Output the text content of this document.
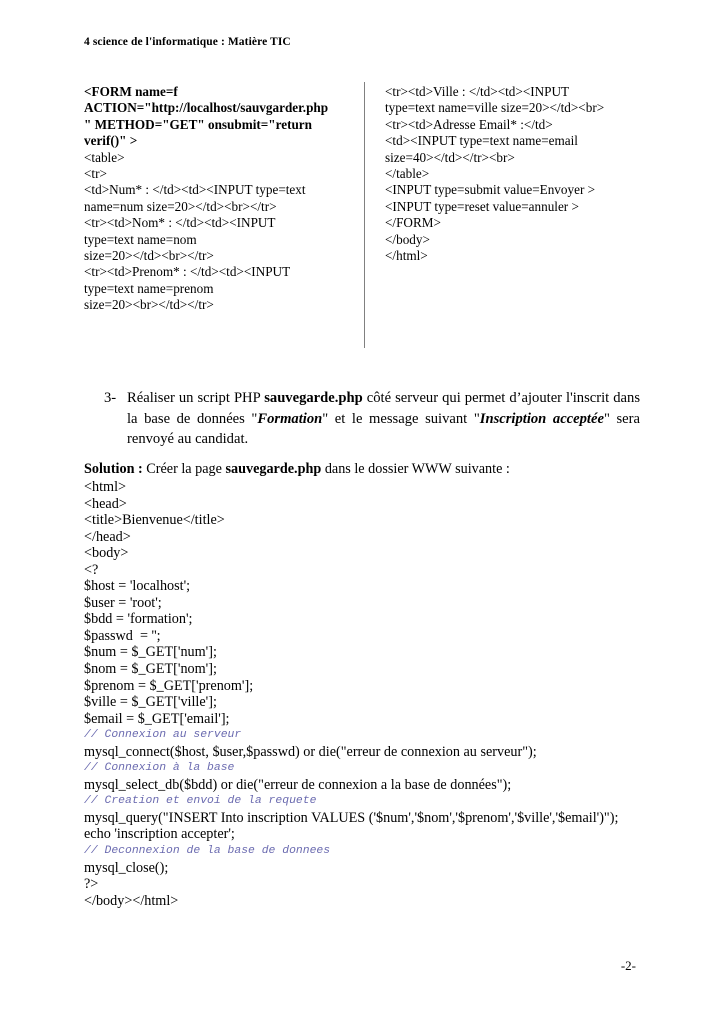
4 science de l'informatique : Matière TIC
<FORM name=f
ACTION="http://localhost/sauvgarder.php
" METHOD="GET" onsubmit="return
verif()" >
<table>
<tr>
<td>Num* : </td><td><INPUT type=text
name=num size=20></td><br></tr>
<tr><td>Nom* : </td><td><INPUT
type=text name=nom
size=20></td><br></tr>
<tr><td>Prenom* : </td><td><INPUT
type=text name=prenom
size=20><br></td></tr>
<tr><td>Ville : </td><td><INPUT
type=text name=ville size=20></td><br>
<tr><td>Adresse Email* :</td>
<td><INPUT type=text name=email
size=40></td></tr><br>
</table>
<INPUT type=submit value=Envoyer >
<INPUT type=reset value=annuler >
</FORM>
</body>
</html>
3- Réaliser un script PHP sauvegarde.php côté serveur qui permet d’ajouter l'inscrit dans la base de données "Formation" et le message suivant "Inscription acceptée" sera renvoyé au candidat.
Solution : Créer la page sauvegarde.php dans le dossier WWW suivante :
<html>
<head>
<title>Bienvenue</title>
</head>
<body>
<?
$host = 'localhost';
$user = 'root';
$bdd = 'formation';
$passwd  = '';
$num = $_GET['num'];
$nom = $_GET['nom'];
$prenom = $_GET['prenom'];
$ville = $_GET['ville'];
$email = $_GET['email'];
// Connexion au serveur
mysql_connect($host, $user,$passwd) or die("erreur de connexion au serveur");
// Connexion à la base
mysql_select_db($bdd) or die("erreur de connexion a la base de données");
// Creation et envoi de la requete
mysql_query("INSERT Into inscription VALUES ('$num','$nom','$prenom','$ville','$email')");
echo 'inscription accepter';
// Deconnexion de la base de donnees
mysql_close();
?>
</body></html>
-2-
